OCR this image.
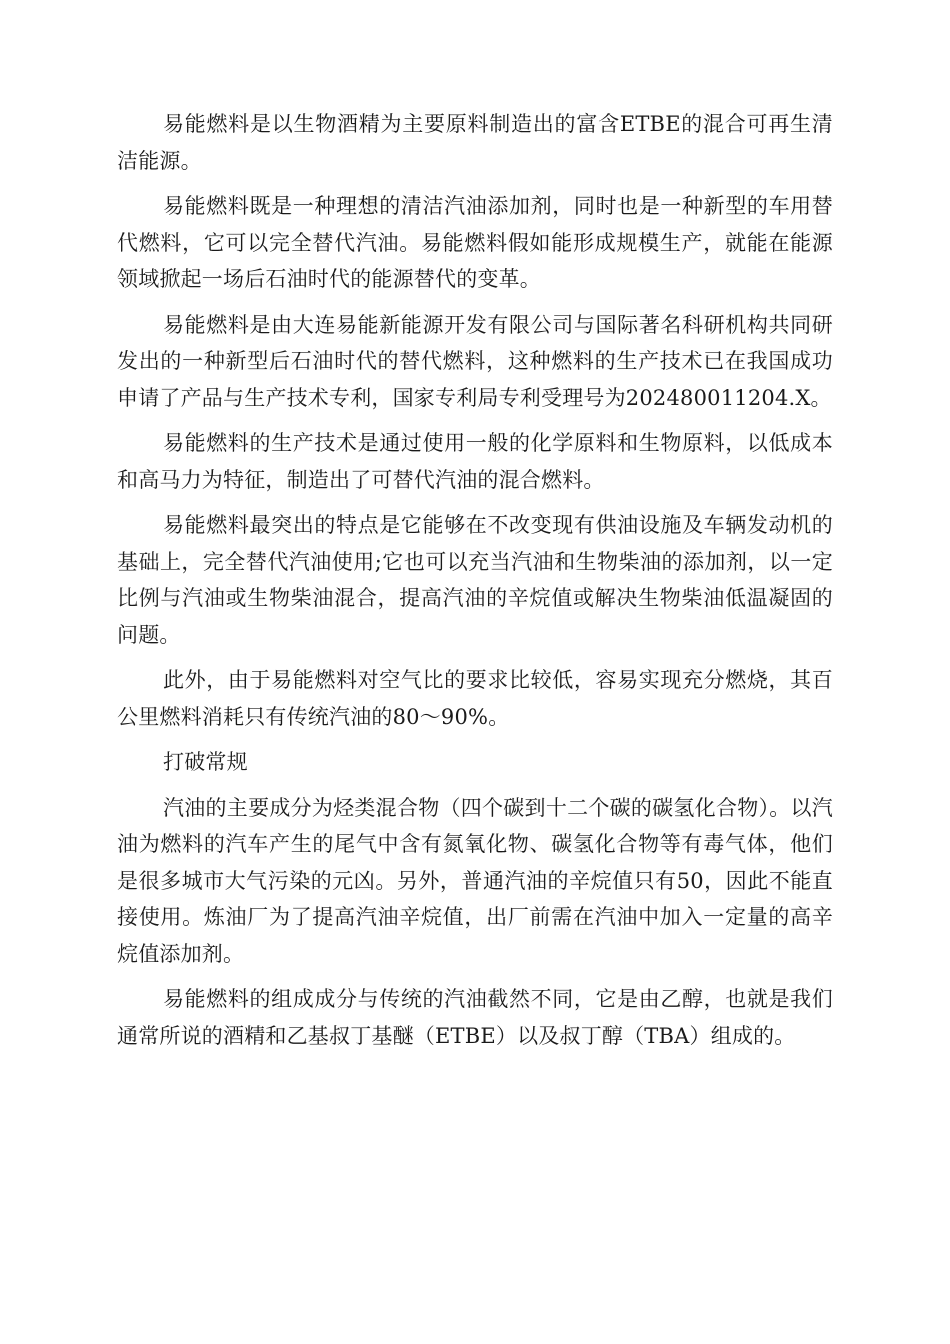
易能燃料是以生物酒精为主要原料制造出的富含ETBE的混合可再生清洁能源。

易能燃料既是一种理想的清洁汽油添加剂，同时也是一种新型的车用替代燃料，它可以完全替代汽油。易能燃料假如能形成规模生产，就能在能源领域掀起一场后石油时代的能源替代的变革。

易能燃料是由大连易能新能源开发有限公司与国际著名科研机构共同研发出的一种新型后石油时代的替代燃料，这种燃料的生产技术已在我国成功申请了产品与生产技术专利，国家专利局专利受理号为202480011204.X。

易能燃料的生产技术是通过使用一般的化学原料和生物原料，以低成本和高马力为特征，制造出了可替代汽油的混合燃料。

易能燃料最突出的特点是它能够在不改变现有供油设施及车辆发动机的基础上，完全替代汽油使用;它也可以充当汽油和生物柴油的添加剂，以一定比例与汽油或生物柴油混合，提高汽油的辛烷值或解决生物柴油低温凝固的问题。

此外，由于易能燃料对空气比的要求比较低，容易实现充分燃烧，其百公里燃料消耗只有传统汽油的80～90%。

打破常规

汽油的主要成分为烃类混合物（四个碳到十二个碳的碳氢化合物）。以汽油为燃料的汽车产生的尾气中含有氮氧化物、碳氢化合物等有毒气体，他们是很多城市大气污染的元凶。另外，普通汽油的辛烷值只有50，因此不能直接使用。炼油厂为了提高汽油辛烷值，出厂前需在汽油中加入一定量的高辛烷值添加剂。

易能燃料的组成成分与传统的汽油截然不同，它是由乙醇，也就是我们通常所说的酒精和乙基叔丁基醚（ETBE）以及叔丁醇（TBA）组成的。
